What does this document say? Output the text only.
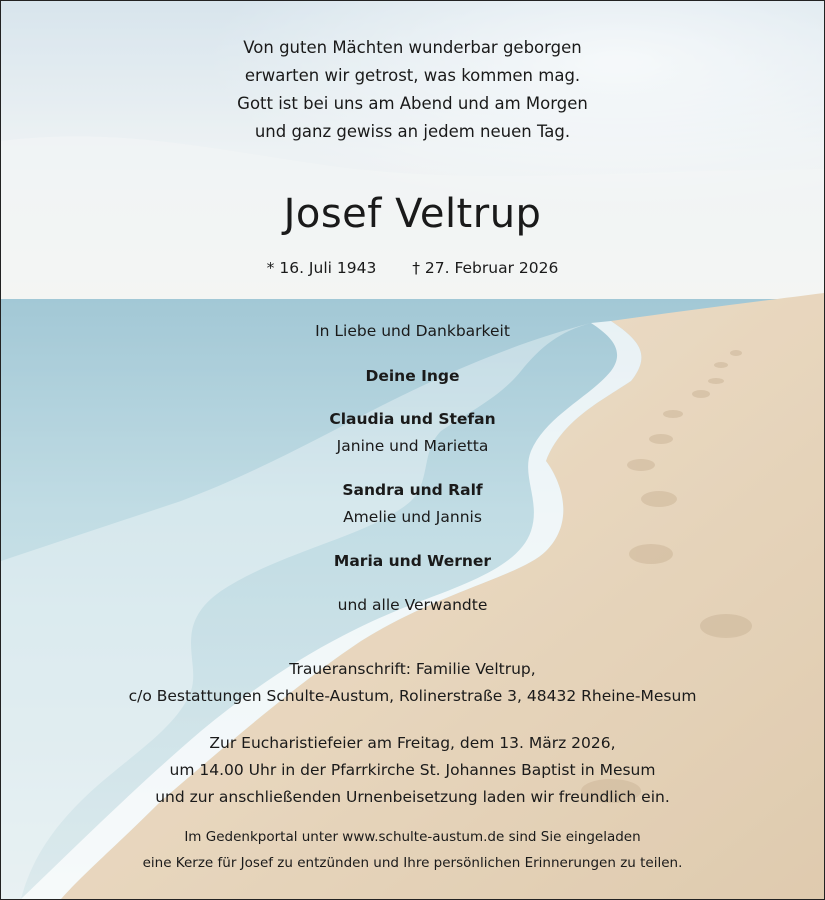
Von guten Mächten wunderbar geborgen
erwarten wir getrost, was kommen mag.
Gott ist bei uns am Abend und am Morgen
und ganz gewiss an jedem neuen Tag.
Josef Veltrup
* 16. Juli 1943 † 27. Februar 2026
In Liebe und Dankbarkeit
Deine Inge
Claudia und Stefan
Janine und Marietta
Sandra und Ralf
Amelie und Jannis
Maria und Werner
und alle Verwandte
Traueranschrift: Familie Veltrup,
c/o Bestattungen Schulte-Austum, Rolinerstraße 3, 48432 Rheine-Mesum
Zur Eucharistiefeier am Freitag, dem 13. März 2026,
um 14.00 Uhr in der Pfarrkirche St. Johannes Baptist in Mesum
und zur anschließenden Urnenbeisetzung laden wir freundlich ein.
Im Gedenkportal unter www.schulte-austum.de sind Sie eingeladen
eine Kerze für Josef zu entzünden und Ihre persönlichen Erinnerungen zu teilen.
